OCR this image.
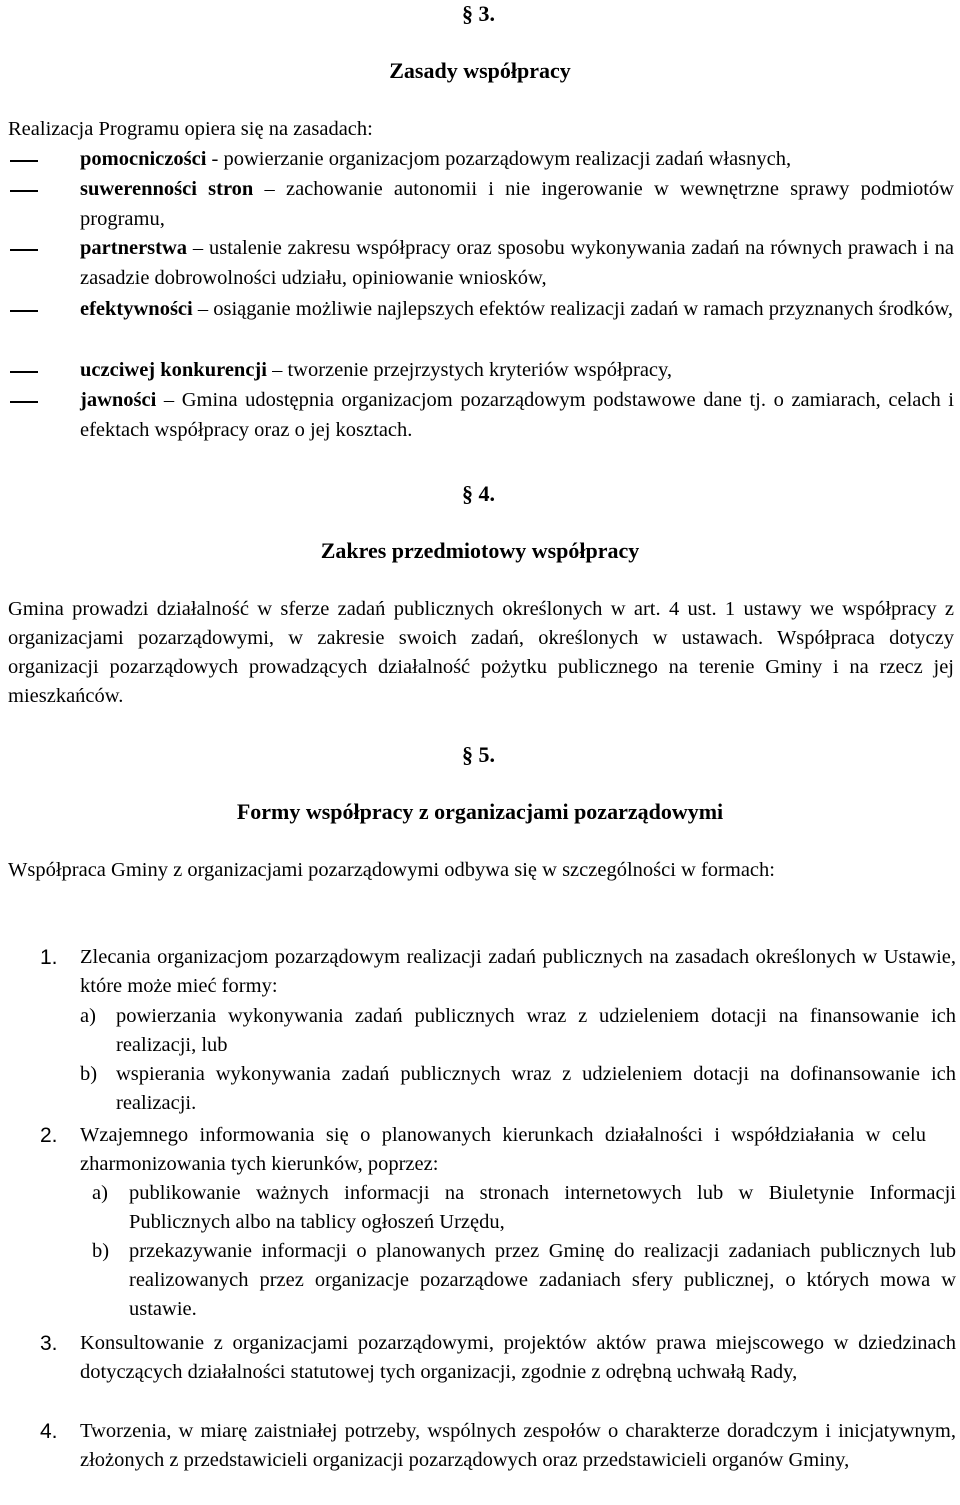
§ 3.
Zasady współpracy
Realizacja Programu opiera się na zasadach:
pomocniczości - powierzanie organizacjom pozarządowym realizacji zadań własnych,
suwerenności stron – zachowanie autonomii i nie ingerowanie w wewnętrzne sprawy podmiotów programu,
partnerstwa – ustalenie zakresu współpracy oraz sposobu wykonywania zadań na równych prawach i na zasadzie dobrowolności udziału, opiniowanie wniosków,
efektywności – osiąganie możliwie najlepszych efektów realizacji zadań w ramach przyznanych środków,
uczciwej konkurencji – tworzenie przejrzystych kryteriów współpracy,
jawności – Gmina udostępnia organizacjom pozarządowym podstawowe dane tj. o zamiarach, celach i efektach współpracy oraz o jej kosztach.
§ 4.
Zakres przedmiotowy współpracy
Gmina prowadzi działalność w sferze zadań publicznych określonych w art. 4 ust. 1 ustawy we współpracy z organizacjami pozarządowymi, w zakresie swoich zadań, określonych w ustawach. Współpraca dotyczy organizacji pozarządowych prowadzących działalność pożytku publicznego na terenie Gminy i na rzecz jej mieszkańców.
§ 5.
Formy współpracy z organizacjami pozarządowymi
Współpraca Gminy z organizacjami pozarządowymi odbywa się w szczególności w formach:
1. Zlecania organizacjom pozarządowym realizacji zadań publicznych na zasadach określonych w Ustawie, które może mieć formy:
a) powierzania wykonywania zadań publicznych wraz z udzieleniem dotacji na finansowanie ich realizacji, lub
b) wspierania wykonywania zadań publicznych wraz z udzieleniem dotacji na dofinansowanie ich realizacji.
2. Wzajemnego informowania się o planowanych kierunkach działalności i współdziałania w celu zharmonizowania tych kierunków, poprzez:
a) publikowanie ważnych informacji na stronach internetowych lub w Biuletynie Informacji Publicznych albo na tablicy ogłoszeń Urzędu,
b) przekazywanie informacji o planowanych przez Gminę do realizacji zadaniach publicznych lub realizowanych przez organizacje pozarządowe zadaniach sfery publicznej, o których mowa w ustawie.
3. Konsultowanie z organizacjami pozarządowymi, projektów aktów prawa miejscowego w dziedzinach dotyczących działalności statutowej tych organizacji, zgodnie z odrębną uchwałą Rady,
4. Tworzenia, w miarę zaistniałej potrzeby, wspólnych zespołów o charakterze doradczym i inicjatywnym, złożonych z przedstawicieli organizacji pozarządowych oraz przedstawicieli organów Gminy,
